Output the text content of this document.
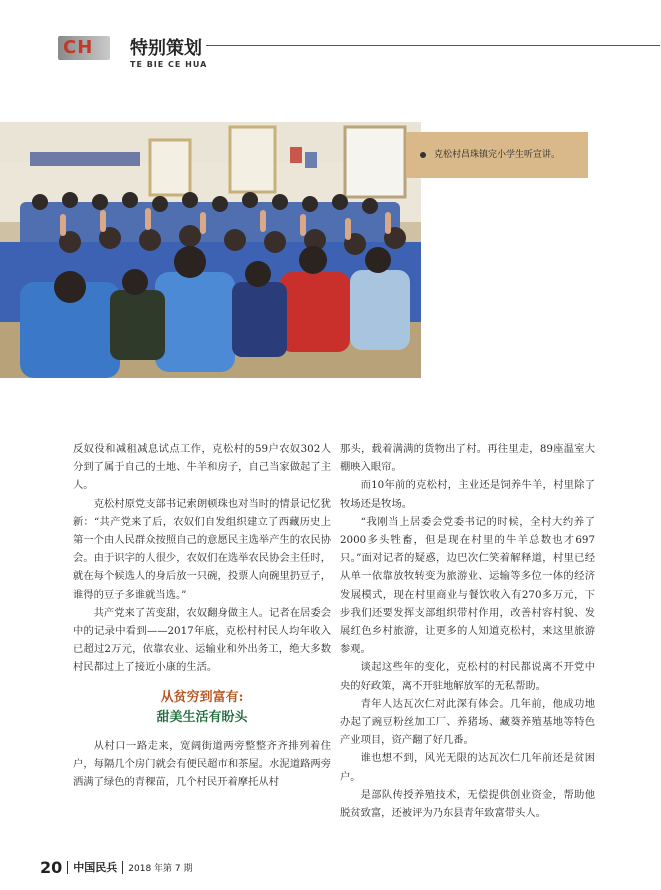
CH 特别策划
TE BIE CE HUA
克松村昌珠镇完小学生听宣讲。

反奴役和减租减息试点工作，克松村的59户农奴302人分到了属于自己的土地、牛羊和房子，自己当家做起了主人。

克松村原党支部书记索朗顿珠也对当时的情景记忆犹新：“共产党来了后，农奴们自发组织建立了西藏历史上第一个由人民群众按照自己的意愿民主选举产生的农民协会。由于识字的人很少，农奴们在选举农民协会主任时，就在每个候选人的身后放一只碗，投票人向碗里扔豆子，谁得的豆子多谁就当选。”

共产党来了苦变甜，农奴翻身做主人。记者在居委会中的记录中看到——2017年底，克松村村民人均年收入已超过2万元，依靠农业、运输业和外出务工，绝大多数村民都过上了接近小康的生活。

从贫穷到富有:
甜美生活有盼头

从村口一路走来，宽阔街道两旁整整齐齐排列着住户，每隔几个房门就会有便民超市和茶屋。水泥道路两旁洒满了绿色的青稞苗，几个村民开着摩托从村

那头，载着满满的货物出了村。再往里走，89座温室大棚映入眼帘。

而10年前的克松村，主业还是饲养牛羊，村里除了牧场还是牧场。

“我刚当上居委会党委书记的时候，全村大约养了2000多头牲畜，但是现在村里的牛羊总数也才697只。”面对记者的疑惑，边巴次仁笑着解释道，村里已经从单一依靠放牧转变为旅游业、运输等多位一体的经济发展模式，现在村里商业与餐饮收入有270多万元，下步我们还要发挥支部组织带村作用，改善村容村貌、发展红色乡村旅游，让更多的人知道克松村，来这里旅游参观。

谈起这些年的变化，克松村的村民都说离不开党中央的好政策，离不开驻地解放军的无私帮助。

青年人达瓦次仁对此深有体会。几年前，他成功地办起了豌豆粉丝加工厂、养猪场、藏葵养殖基地等特色产业项目，资产翻了好几番。

谁也想不到，风光无限的达瓦次仁几年前还是贫困户。

是部队传授养殖技术，无偿提供创业资金，帮助他脱贫致富，还被评为乃东县青年致富带头人。

20 中国民兵 2018 年第 7 期
